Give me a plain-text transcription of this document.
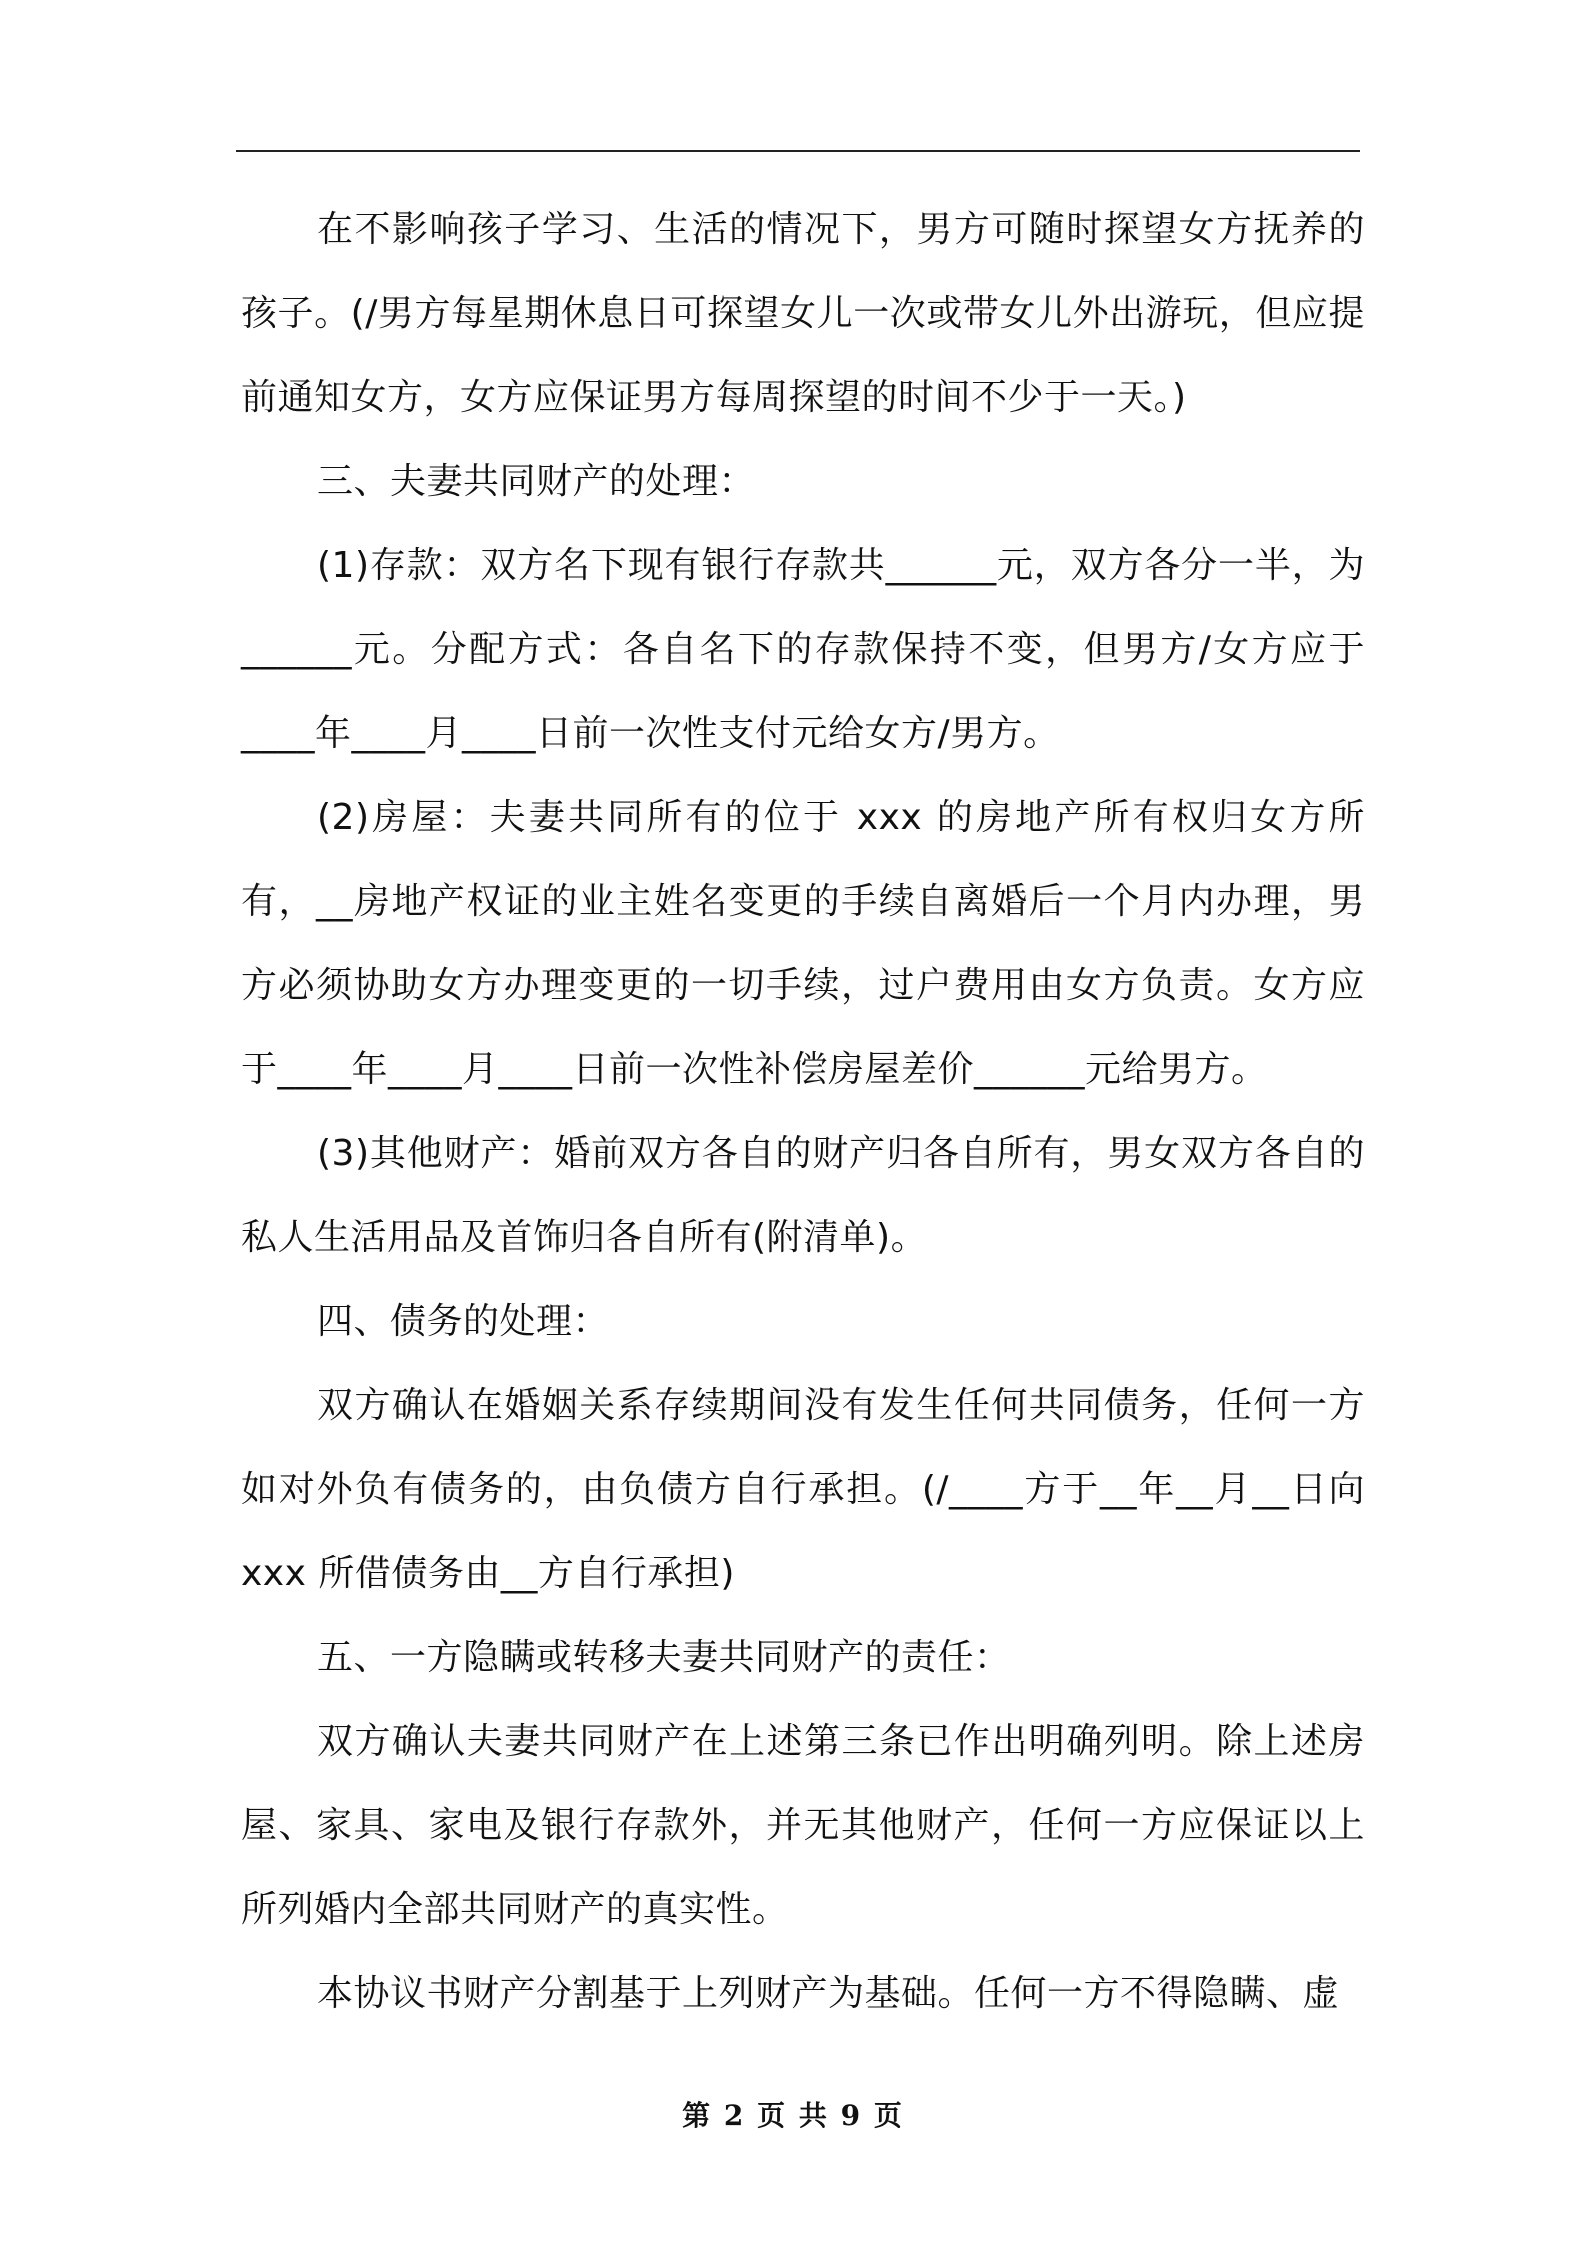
在不影响孩子学习、生活的情况下，男方可随时探望女方抚养的孩子。(/男方每星期休息日可探望女儿一次或带女儿外出游玩，但应提前通知女方，女方应保证男方每周探望的时间不少于一天。)

三、夫妻共同财产的处理：

(1)存款：双方名下现有银行存款共______元，双方各分一半，为______元。分配方式：各自名下的存款保持不变，但男方/女方应于____年____月____日前一次性支付元给女方/男方。

(2)房屋：夫妻共同所有的位于 xxx 的房地产所有权归女方所有，__房地产权证的业主姓名变更的手续自离婚后一个月内办理，男方必须协助女方办理变更的一切手续，过户费用由女方负责。女方应于____年____月____日前一次性补偿房屋差价______元给男方。

(3)其他财产：婚前双方各自的财产归各自所有，男女双方各自的私人生活用品及首饰归各自所有(附清单)。

四、债务的处理：

双方确认在婚姻关系存续期间没有发生任何共同债务，任何一方如对外负有债务的，由负债方自行承担。(/____方于__年__月__日向 xxx 所借债务由__方自行承担)

五、一方隐瞒或转移夫妻共同财产的责任：

双方确认夫妻共同财产在上述第三条已作出明确列明。除上述房屋、家具、家电及银行存款外，并无其他财产，任何一方应保证以上所列婚内全部共同财产的真实性。

本协议书财产分割基于上列财产为基础。任何一方不得隐瞒、虚

第 2 页 共 9 页
